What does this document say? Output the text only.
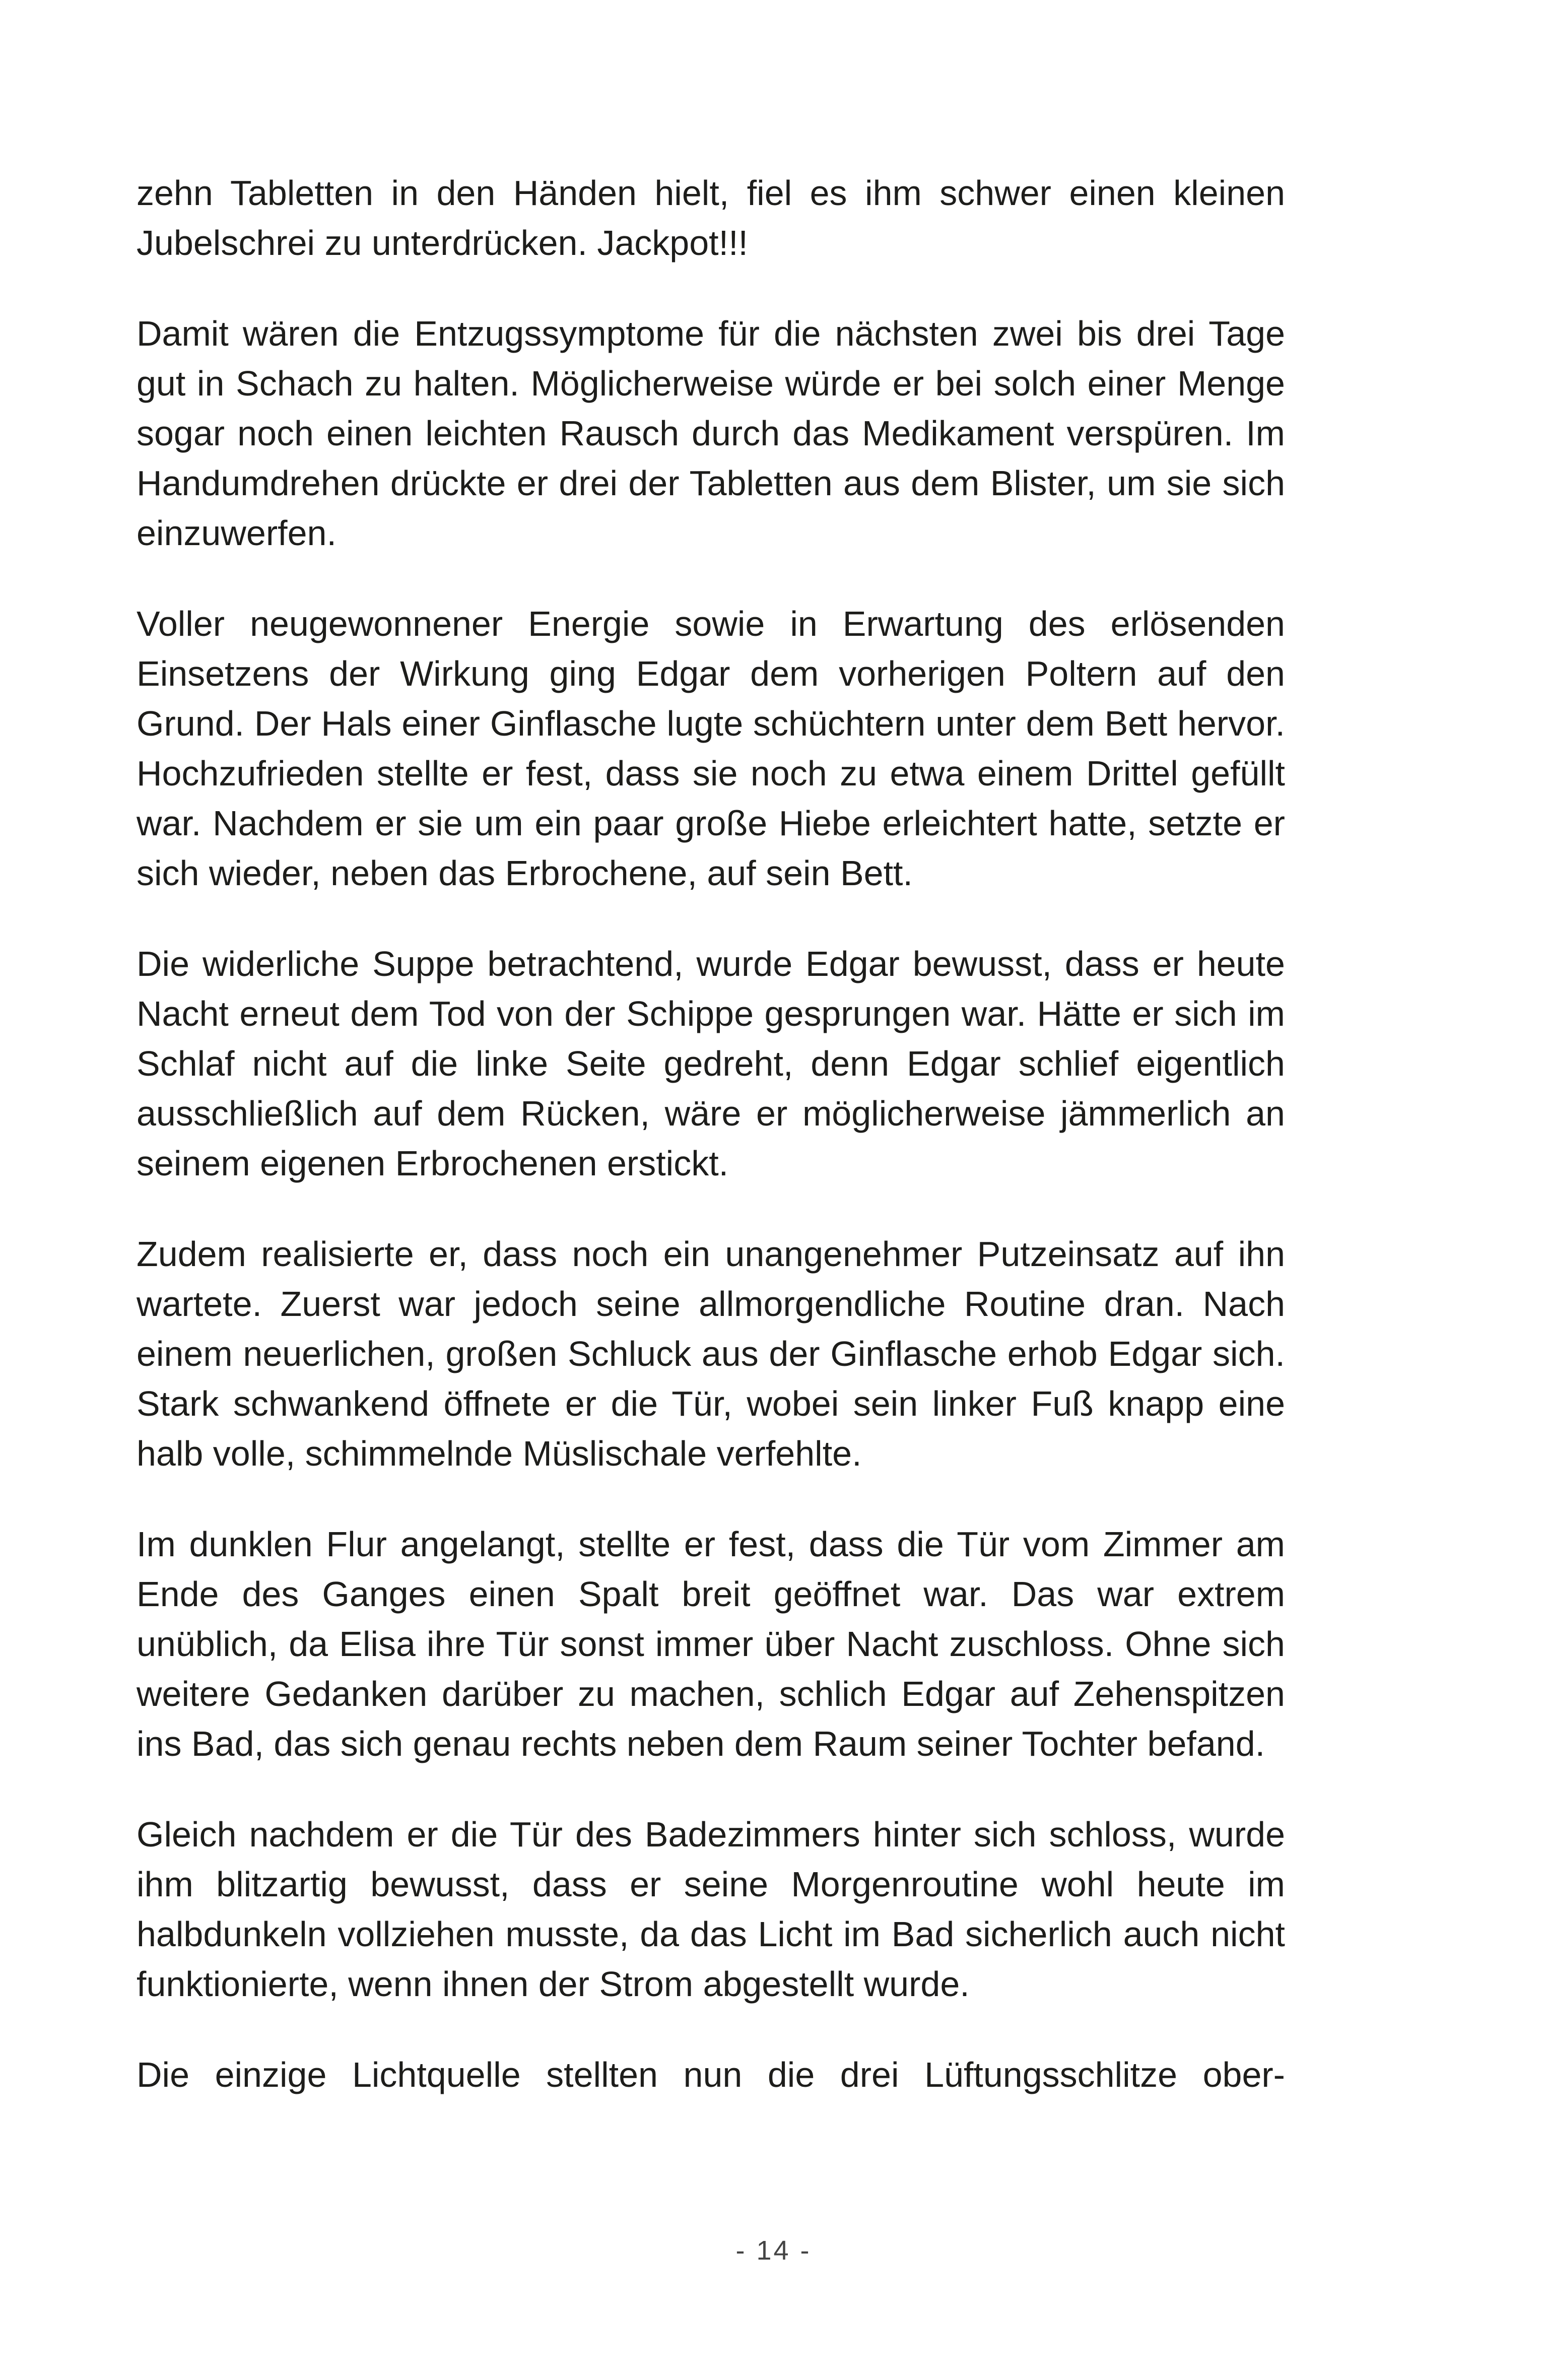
zehn Tabletten in den Händen hielt, fiel es ihm schwer einen kleinen Jubelschrei zu unterdrücken. Jackpot!!!

Damit wären die Entzugssymptome für die nächsten zwei bis drei Tage gut in Schach zu halten. Möglicherweise würde er bei solch einer Menge sogar noch einen leichten Rausch durch das Medikament verspüren. Im Handumdrehen drückte er drei der Tabletten aus dem Blister, um sie sich einzuwerfen.

Voller neugewonnener Energie sowie in Erwartung des erlösenden Einsetzens der Wirkung ging Edgar dem vorherigen Poltern auf den Grund. Der Hals einer Ginflasche lugte schüchtern unter dem Bett hervor. Hochzufrieden stellte er fest, dass sie noch zu etwa einem Drittel gefüllt war. Nachdem er sie um ein paar große Hiebe erleichtert hatte, setzte er sich wieder, neben das Erbrochene, auf sein Bett.

Die widerliche Suppe betrachtend, wurde Edgar bewusst, dass er heute Nacht erneut dem Tod von der Schippe gesprungen war. Hätte er sich im Schlaf nicht auf die linke Seite gedreht, denn Edgar schlief eigentlich ausschließlich auf dem Rücken, wäre er möglicherweise jämmerlich an seinem eigenen Erbrochenen erstickt.

Zudem realisierte er, dass noch ein unangenehmer Putzeinsatz auf ihn wartete. Zuerst war jedoch seine allmorgendliche Routine dran. Nach einem neuerlichen, großen Schluck aus der Ginflasche erhob Edgar sich. Stark schwankend öffnete er die Tür, wobei sein linker Fuß knapp eine halb volle, schimmelnde Müslischale verfehlte.

Im dunklen Flur angelangt, stellte er fest, dass die Tür vom Zimmer am Ende des Ganges einen Spalt breit geöffnet war. Das war extrem unüblich, da Elisa ihre Tür sonst immer über Nacht zuschloss. Ohne sich weitere Gedanken darüber zu machen, schlich Edgar auf Zehenspitzen ins Bad, das sich genau rechts neben dem Raum seiner Tochter befand.

Gleich nachdem er die Tür des Badezimmers hinter sich schloss, wurde ihm blitzartig bewusst, dass er seine Morgenroutine wohl heute im halbdunkeln vollziehen musste, da das Licht im Bad sicherlich auch nicht funktionierte, wenn ihnen der Strom abgestellt wurde.

Die einzige Lichtquelle stellten nun die drei Lüftungsschlitze ober-

- 14 -
